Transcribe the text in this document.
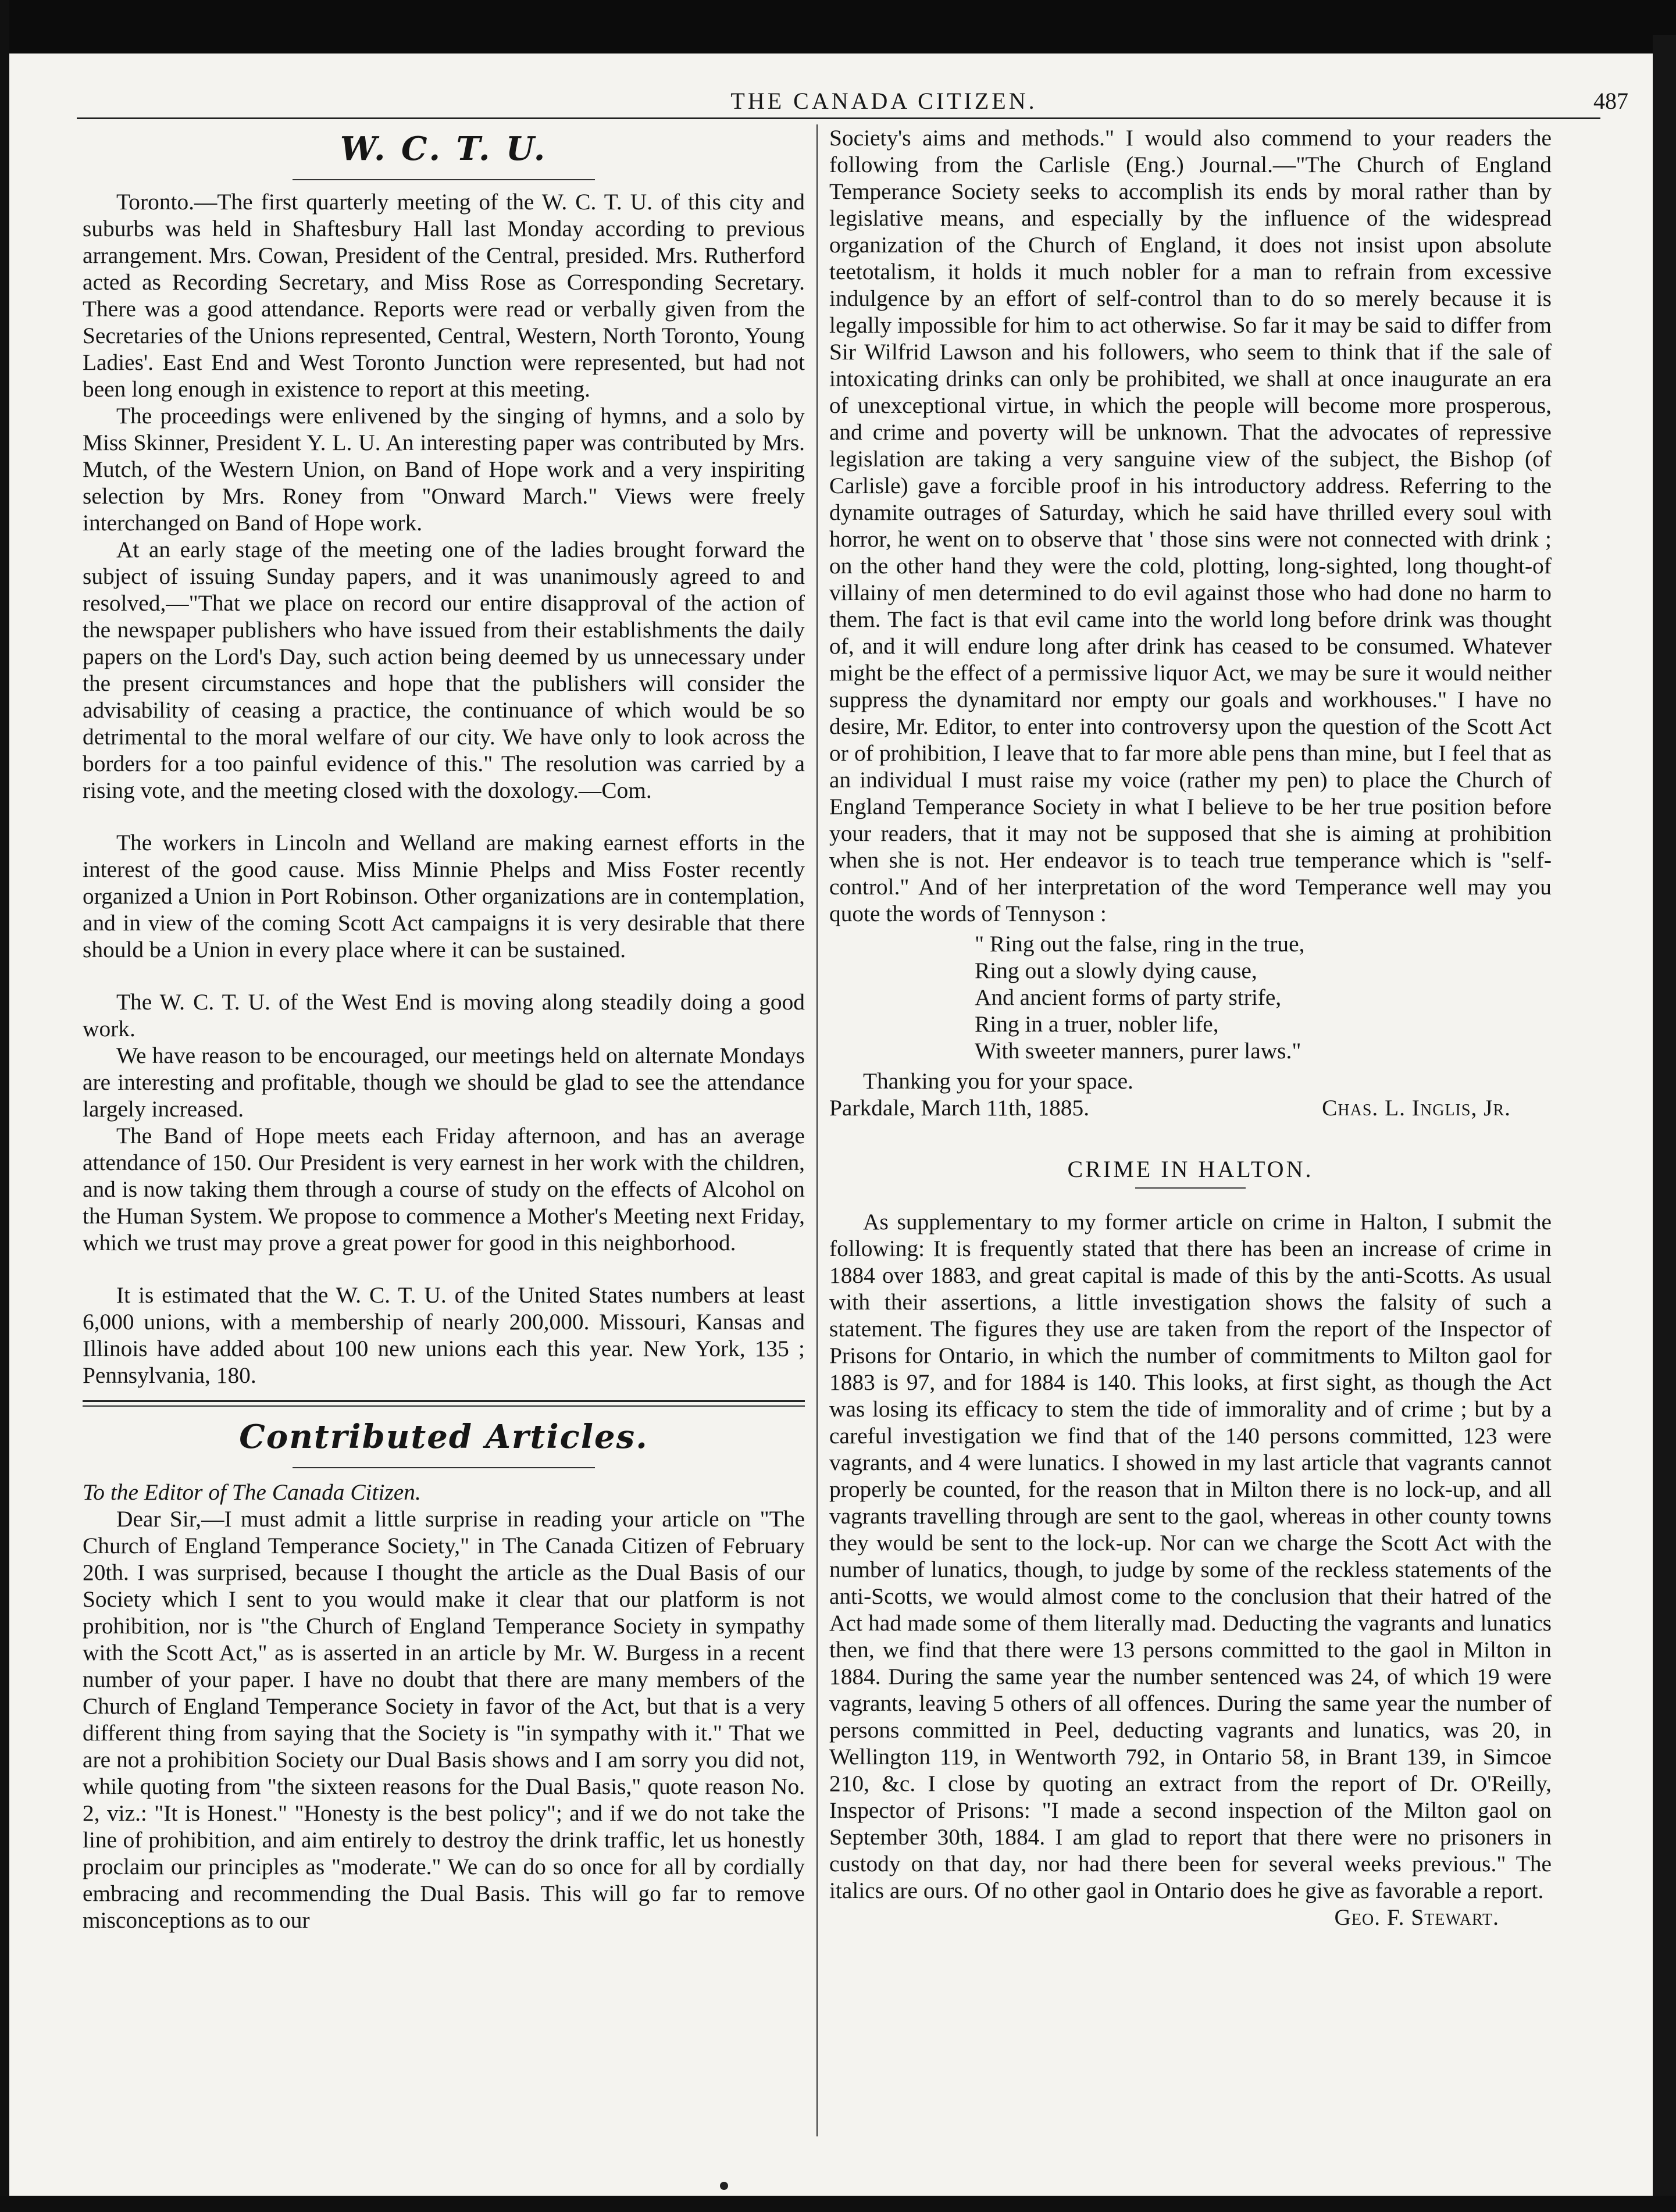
THE CANADA CITIZEN.	487
W. C. T. U.

Toronto.—The first quarterly meeting of the W. C. T. U. of this city and suburbs was held in Shaftesbury Hall last Monday according to previous arrangement. Mrs. Cowan, President of the Central, presided. Mrs. Rutherford acted as Recording Secretary, and Miss Rose as Corresponding Secretary. There was a good attendance. Reports were read or verbally given from the Secretaries of the Unions represented, Central, Western, North Toronto, Young Ladies'. East End and West Toronto Junction were represented, but had not been long enough in existence to report at this meeting.

The proceedings were enlivened by the singing of hymns, and a solo by Miss Skinner, President Y. L. U. An interesting paper was contributed by Mrs. Mutch, of the Western Union, on Band of Hope work and a very inspiriting selection by Mrs. Roney from "Onward March." Views were freely interchanged on Band of Hope work.

At an early stage of the meeting one of the ladies brought forward the subject of issuing Sunday papers, and it was unanimously agreed to and resolved,—"That we place on record our entire disapproval of the action of the newspaper publishers who have issued from their establishments the daily papers on the Lord's Day, such action being deemed by us unnecessary under the present circumstances and hope that the publishers will consider the advisability of ceasing a practice, the continuance of which would be so detrimental to the moral welfare of our city. We have only to look across the borders for a too painful evidence of this." The resolution was carried by a rising vote, and the meeting closed with the doxology.—Com.

The workers in Lincoln and Welland are making earnest efforts in the interest of the good cause. Miss Minnie Phelps and Miss Foster recently organized a Union in Port Robinson. Other organizations are in contemplation, and in view of the coming Scott Act campaigns it is very desirable that there should be a Union in every place where it can be sustained.

The W. C. T. U. of the West End is moving along steadily doing a good work.

We have reason to be encouraged, our meetings held on alternate Mondays are interesting and profitable, though we should be glad to see the attendance largely increased.

The Band of Hope meets each Friday afternoon, and has an average attendance of 150. Our President is very earnest in her work with the children, and is now taking them through a course of study on the effects of Alcohol on the Human System. We propose to commence a Mother's Meeting next Friday, which we trust may prove a great power for good in this neighborhood.

It is estimated that the W. C. T. U. of the United States numbers at least 6,000 unions, with a membership of nearly 200,000. Missouri, Kansas and Illinois have added about 100 new unions each this year. New York, 135 ; Pennsylvania, 180.

Contributed Articles.
To the Editor of The Canada Citizen.

Dear Sir,—I must admit a little surprise in reading your article on "The Church of England Temperance Society," in The Canada Citizen of February 20th. I was surprised, because I thought the article as the Dual Basis of our Society which I sent to you would make it clear that our platform is not prohibition, nor is "the Church of England Temperance Society in sympathy with the Scott Act," as is asserted in an article by Mr. W. Burgess in a recent number of your paper. I have no doubt that there are many members of the Church of England Temperance Society in favor of the Act, but that is a very different thing from saying that the Society is "in sympathy with it." That we are not a prohibition Society our Dual Basis shows and I am sorry you did not, while quoting from "the sixteen reasons for the Dual Basis," quote reason No. 2, viz.: "It is Honest." "Honesty is the best policy"; and if we do not take the line of prohibition, and aim entirely to destroy the drink traffic, let us honestly proclaim our principles as "moderate." We can do so once for all by cordially embracing and recommending the Dual Basis. This will go far to remove misconceptions as to our

Society's aims and methods." I would also commend to your readers the following from the Carlisle (Eng.) Journal.—"The Church of England Temperance Society seeks to accomplish its ends by moral rather than by legislative means, and especially by the influence of the widespread organization of the Church of England, it does not insist upon absolute teetotalism, it holds it much nobler for a man to refrain from excessive indulgence by an effort of self-control than to do so merely because it is legally impossible for him to act otherwise. So far it may be said to differ from Sir Wilfrid Lawson and his followers, who seem to think that if the sale of intoxicating drinks can only be prohibited, we shall at once inaugurate an era of unexceptional virtue, in which the people will become more prosperous, and crime and poverty will be unknown. That the advocates of repressive legislation are taking a very sanguine view of the subject, the Bishop (of Carlisle) gave a forcible proof in his introductory address. Referring to the dynamite outrages of Saturday, which he said have thrilled every soul with horror, he went on to observe that ' those sins were not connected with drink ; on the other hand they were the cold, plotting, long-sighted, long thought-of villainy of men determined to do evil against those who had done no harm to them. The fact is that evil came into the world long before drink was thought of, and it will endure long after drink has ceased to be consumed. Whatever might be the effect of a permissive liquor Act, we may be sure it would neither suppress the dynamitard nor empty our goals and workhouses." I have no desire, Mr. Editor, to enter into controversy upon the question of the Scott Act or of prohibition, I leave that to far more able pens than mine, but I feel that as an individual I must raise my voice (rather my pen) to place the Church of England Temperance Society in what I believe to be her true position before your readers, that it may not be supposed that she is aiming at prohibition when she is not. Her endeavor is to teach true temperance which is "self-control." And of her interpretation of the word Temperance well may you quote the words of Tennyson :

" Ring out the false, ring in the true,
Ring out a slowly dying cause,
And ancient forms of party strife,
Ring in a truer, nobler life,
With sweeter manners, purer laws."

Thanking you for your space.

Parkdale, March 11th, 1885.	Chas. L. Inglis, Jr.
CRIME IN HALTON.

As supplementary to my former article on crime in Halton, I submit the following: It is frequently stated that there has been an increase of crime in 1884 over 1883, and great capital is made of this by the anti-Scotts. As usual with their assertions, a little investigation shows the falsity of such a statement. The figures they use are taken from the report of the Inspector of Prisons for Ontario, in which the number of commitments to Milton gaol for 1883 is 97, and for 1884 is 140. This looks, at first sight, as though the Act was losing its efficacy to stem the tide of immorality and of crime ; but by a careful investigation we find that of the 140 persons committed, 123 were vagrants, and 4 were lunatics. I showed in my last article that vagrants cannot properly be counted, for the reason that in Milton there is no lock-up, and all vagrants travelling through are sent to the gaol, whereas in other county towns they would be sent to the lock-up. Nor can we charge the Scott Act with the number of lunatics, though, to judge by some of the reckless statements of the anti-Scotts, we would almost come to the conclusion that their hatred of the Act had made some of them literally mad. Deducting the vagrants and lunatics then, we find that there were 13 persons committed to the gaol in Milton in 1884. During the same year the number sentenced was 24, of which 19 were vagrants, leaving 5 others of all offences. During the same year the number of persons committed in Peel, deducting vagrants and lunatics, was 20, in Wellington 119, in Wentworth 792, in Ontario 58, in Brant 139, in Simcoe 210, &c. I close by quoting an extract from the report of Dr. O'Reilly, Inspector of Prisons: "I made a second inspection of the Milton gaol on September 30th, 1884. I am glad to report that there were no prisoners in custody on that day, nor had there been for several weeks previous." The italics are ours. Of no other gaol in Ontario does he give as favorable a report.

Geo. F. Stewart.
